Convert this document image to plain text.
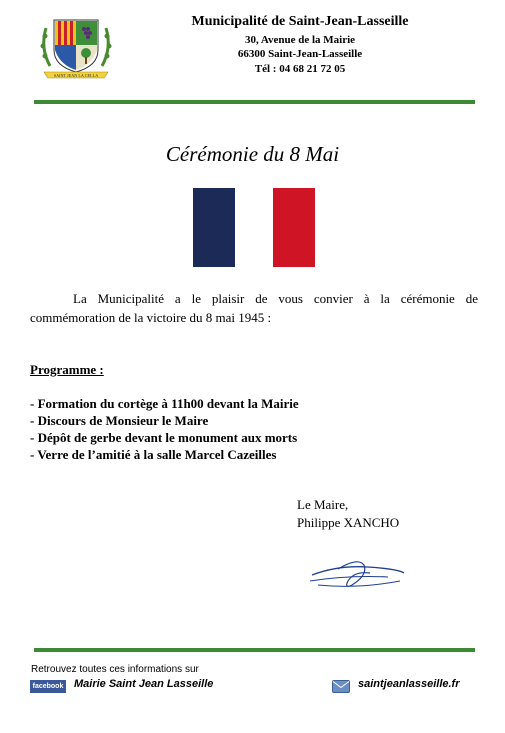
SAINT JEAN LA CELLA
Municipalité de Saint-Jean-Lasseille
30, Avenue de la Mairie
66300 Saint-Jean-Lasseille
Tél : 04 68 21 72 05
Cérémonie du 8 Mai

La Municipalité a le plaisir de vous convier à la cérémonie de commémoration de la victoire du 8 mai 1945 :

Programme :
- Formation du cortège à 11h00 devant la Mairie
- Discours de Monsieur le Maire
- Dépôt de gerbe devant le monument aux morts
- Verre de l’amitié à la salle Marcel Cazeilles
Le Maire,
Philippe XANCHO
Retrouvez toutes ces informations sur
facebook Mairie Saint Jean Lasseille	saintjeanlasseille.fr
